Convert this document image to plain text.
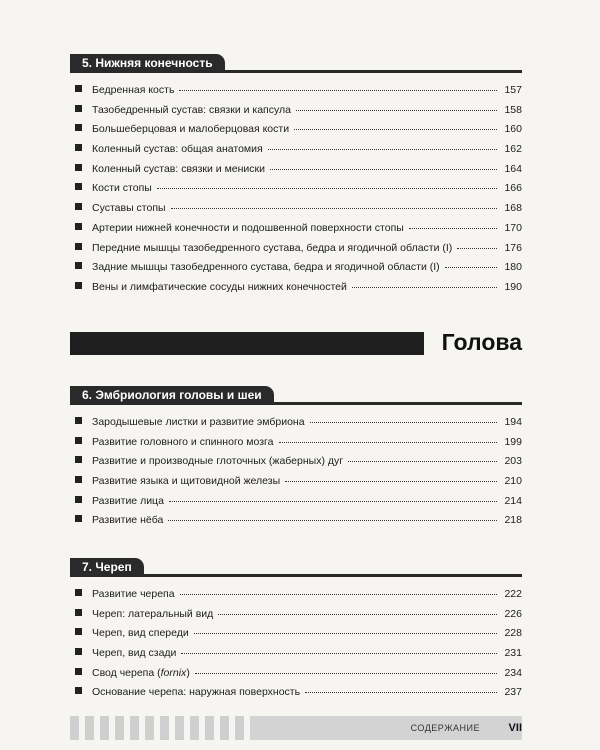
5. Нижняя конечность
Бедренная кость	157
Тазобедренный сустав: связки и капсула	158
Большеберцовая и малоберцовая кости	160
Коленный сустав: общая анатомия	162
Коленный сустав: связки и мениски	164
Кости стопы	166
Суставы стопы	168
Артерии нижней конечности и подошвенной поверхности стопы	170
Передние мышцы тазобедренного сустава, бедра и ягодичной области (I)	176
Задние мышцы тазобедренного сустава, бедра и ягодичной области (I)	180
Вены и лимфатические сосуды нижних конечностей	190
Голова
6. Эмбриология головы и шеи
Зародышевые листки и развитие эмбриона	194
Развитие головного и спинного мозга	199
Развитие и производные глоточных (жаберных) дуг	203
Развитие языка и щитовидной железы	210
Развитие лица	214
Развитие нёба	218
7. Череп
Развитие черепа	222
Череп: латеральный вид	226
Череп, вид спереди	228
Череп, вид сзади	231
Свод черепа (fornix)	234
Основание черепа: наружная поверхность	237
СОДЕРЖАНИЕ	VII
